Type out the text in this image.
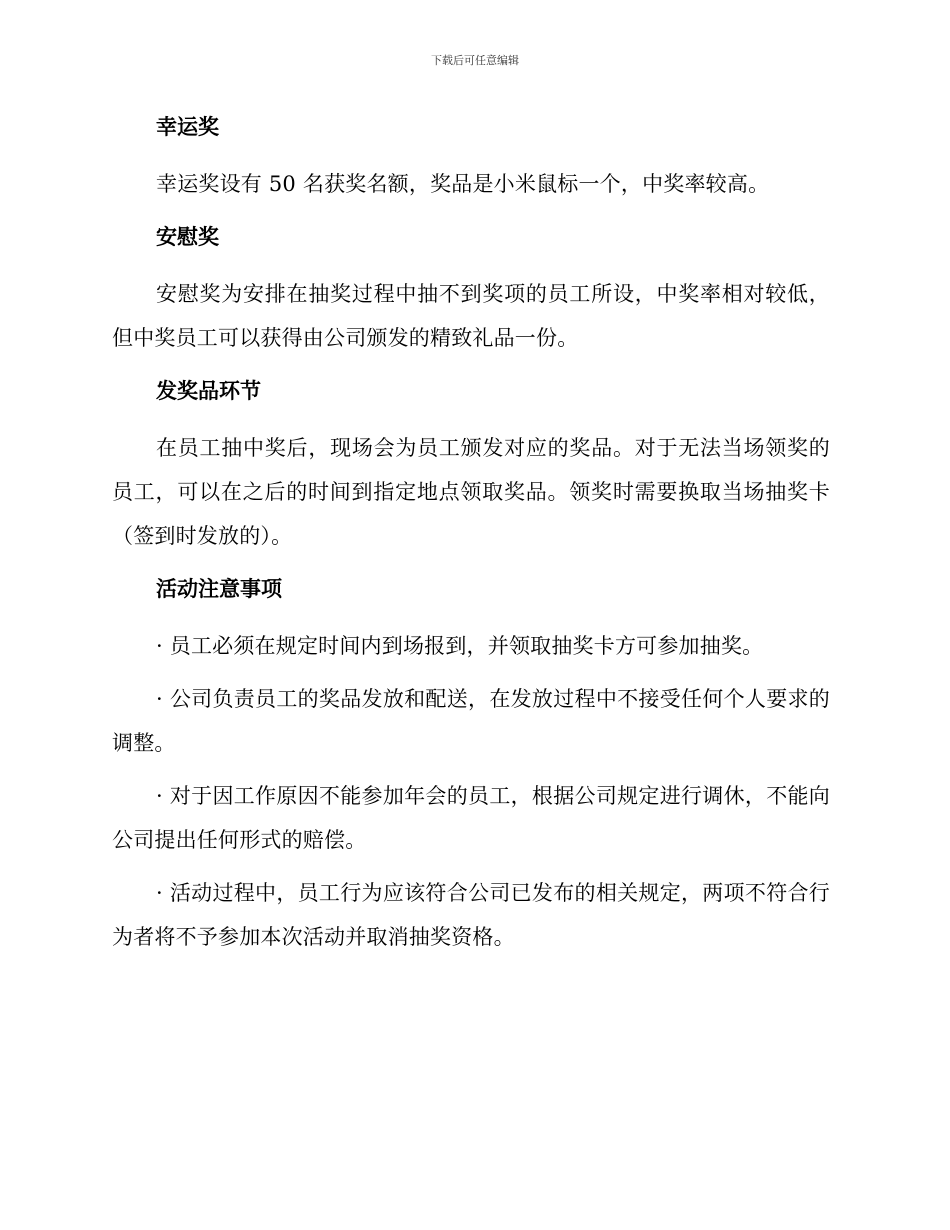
下载后可任意编辑
幸运奖

幸运奖设有 50 名获奖名额，奖品是小米鼠标一个，中奖率较高。

安慰奖

安慰奖为安排在抽奖过程中抽不到奖项的员工所设，中奖率相对较低，但中奖员工可以获得由公司颁发的精致礼品一份。

发奖品环节

在员工抽中奖后，现场会为员工颁发对应的奖品。对于无法当场领奖的员工，可以在之后的时间到指定地点领取奖品。领奖时需要换取当场抽奖卡（签到时发放的）。

活动注意事项

· 员工必须在规定时间内到场报到，并领取抽奖卡方可参加抽奖。

· 公司负责员工的奖品发放和配送，在发放过程中不接受任何个人要求的调整。

· 对于因工作原因不能参加年会的员工，根据公司规定进行调休，不能向公司提出任何形式的赔偿。

· 活动过程中，员工行为应该符合公司已发布的相关规定，两项不符合行为者将不予参加本次活动并取消抽奖资格。
